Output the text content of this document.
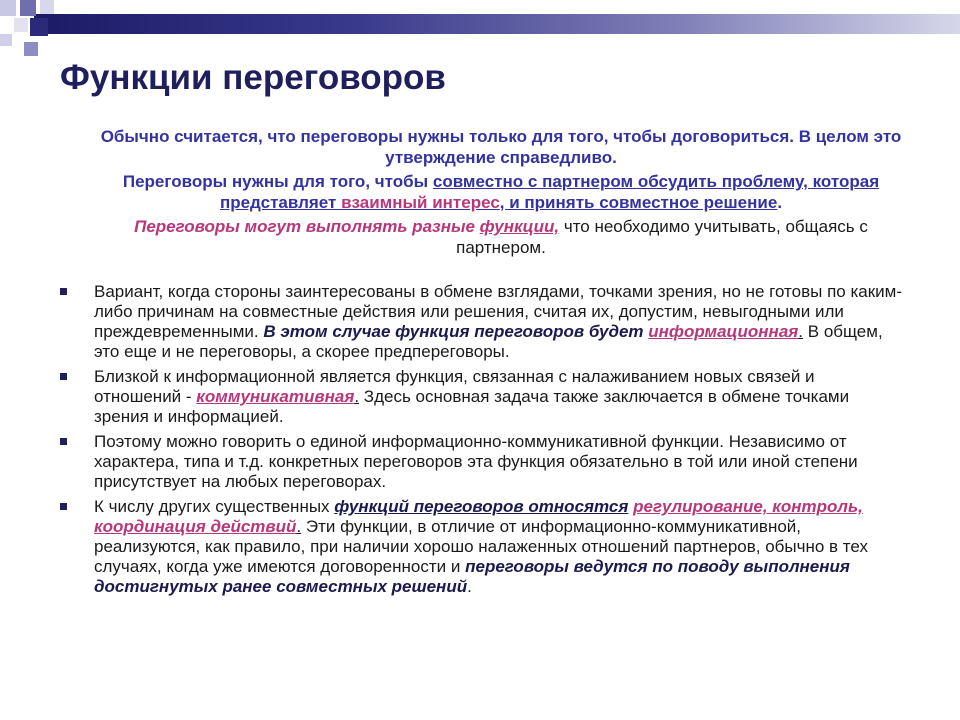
Функции переговоров

Обычно считается, что переговоры нужны только для того, чтобы договориться. В целом это утверждение справедливо.

Переговоры нужны для того, чтобы совместно с партнером обсудить проблему, которая представляет взаимный интерес, и принять совместное решение.

Переговоры могут выполнять разные функции, что необходимо учитывать, общаясь с партнером.

Вариант, когда стороны заинтересованы в обмене взглядами, точками зрения, но не готовы по каким-либо причинам на совместные действия или решения, считая их, допустим, невыгодными или преждевременными. В этом случае функция переговоров будет информационная. В общем, это еще и не переговоры, а скорее предпереговоры.
Близкой к информационной является функция, связанная с налаживанием новых связей и отношений - коммуникативная. Здесь основная задача также заключается в обмене точками зрения и информацией.
Поэтому можно говорить о единой информационно-коммуникативной функции. Независимо от характера, типа и т.д. конкретных переговоров эта функция обязательно в той или иной степени присутствует на любых переговорах.
К числу других существенных функций переговоров относятся регулирование, контроль, координация действий. Эти функции, в отличие от информационно-коммуникативной, реализуются, как правило, при наличии хорошо налаженных отношений партнеров, обычно в тех случаях, когда уже имеются договоренности и переговоры ведутся по поводу выполнения достигнутых ранее совместных решений.
